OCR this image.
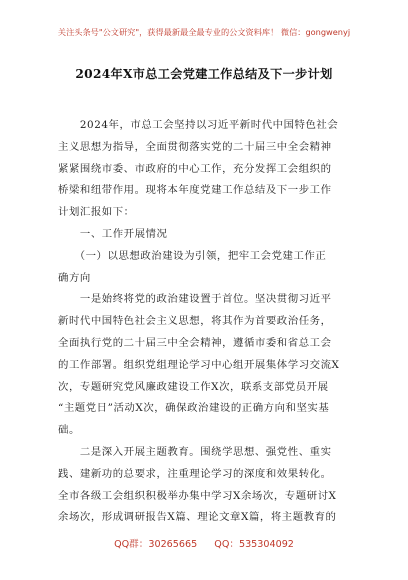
关注头条号"公文研究"，获得最新最全最专业的公文资料库！ 微信：gongwenyj
2024年X市总工会党建工作总结及下一步计划
　　2024年，市总工会坚持以习近平新时代中国特色社会
主义思想为指导，全面贯彻落实党的二十届三中全会精神
紧紧围绕市委、市政府的中心工作，充分发挥工会组织的
桥梁和纽带作用。现将本年度党建工作总结及下一步工作
计划汇报如下：
　　一、工作开展情况
　　（一）以思想政治建设为引领，把牢工会党建工作正
确方向
　　一是始终将党的政治建设置于首位。坚决贯彻习近平
新时代中国特色社会主义思想，将其作为首要政治任务，
全面执行党的二十届三中全会精神，遵循市委和省总工会
的工作部署。组织党组理论学习中心组开展集体学习交流X
次，专题研究党风廉政建设工作X次，联系支部党员开展
“主题党日”活动X次，确保政治建设的正确方向和坚实基
础。
　　二是深入开展主题教育。围绕学思想、强党性、重实
践、建新功的总要求，注重理论学习的深度和效果转化。
全市各级工会组织积极举办集中学习X余场次，专题研讨X
余场次，形成调研报告X篇、理论文章X篇，将主题教育的
QQ群：30265665 QQ：535304092
